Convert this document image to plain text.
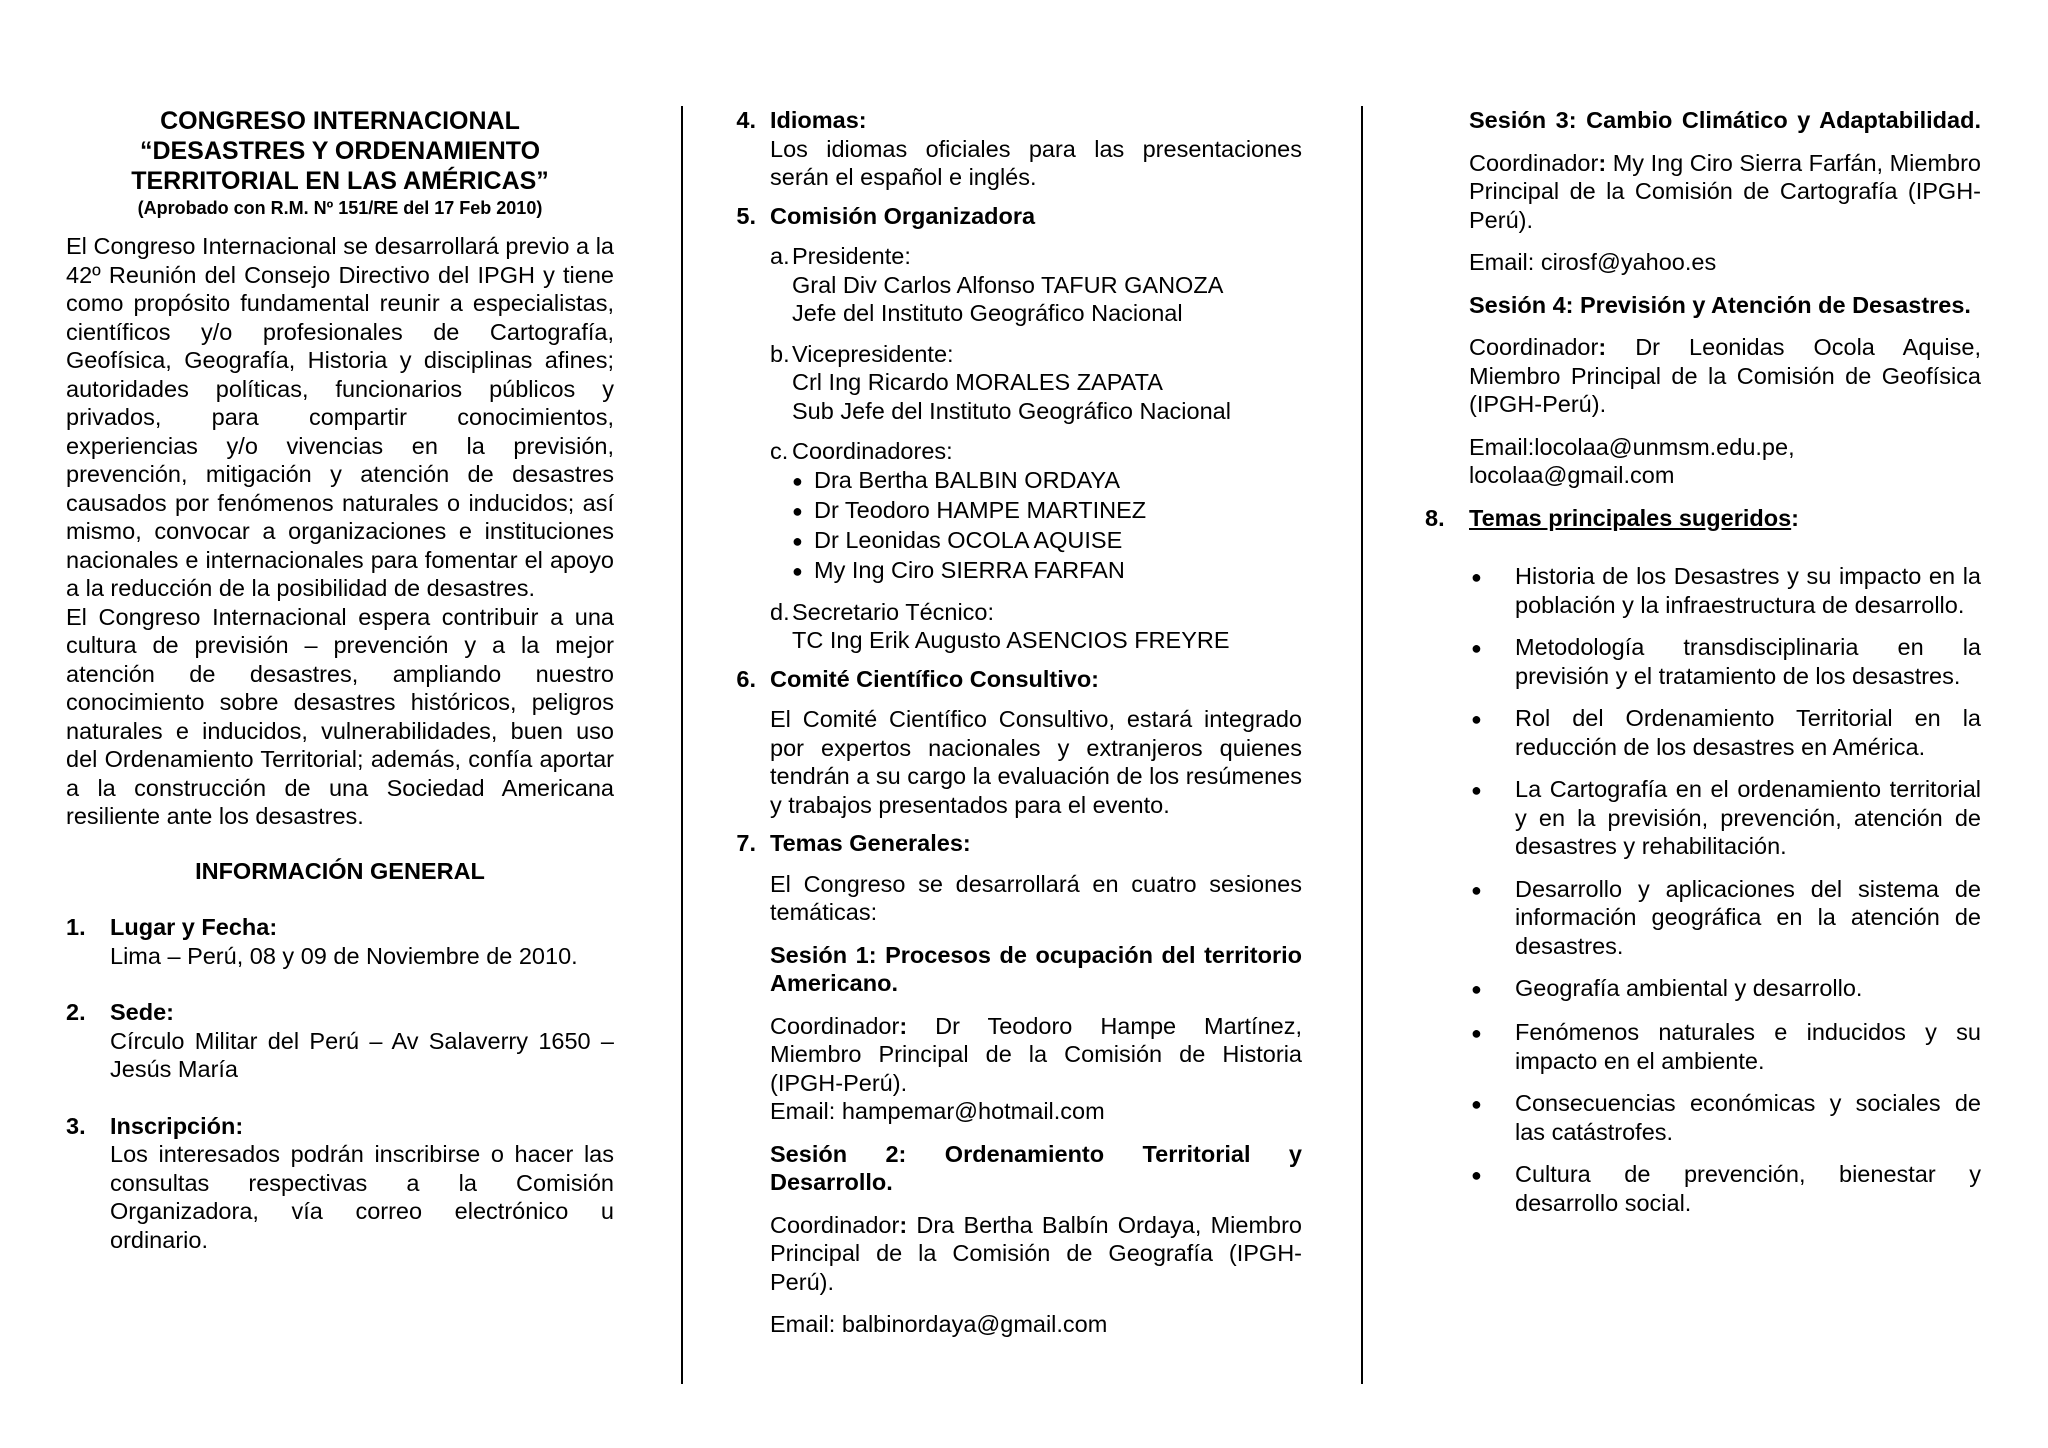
CONGRESO INTERNACIONAL
“DESASTRES Y ORDENAMIENTO
TERRITORIAL EN LAS AMÉRICAS”
(Aprobado con R.M. Nº 151/RE del 17 Feb 2010)
El Congreso Internacional se desarrollará previo a la 42º Reunión del Consejo Directivo del IPGH y tiene como propósito fundamental reunir a especialistas, científicos y/o profesionales de Cartografía, Geofísica, Geografía, Historia y disciplinas afines; autoridades políticas, funcionarios públicos y privados, para compartir conocimientos, experiencias y/o vivencias en la previsión, prevención, mitigación y atención de desastres causados por fenómenos naturales o inducidos; así mismo, convocar a organizaciones e instituciones nacionales e internacionales para fomentar el apoyo a la reducción de la posibilidad de desastres.
El Congreso Internacional espera contribuir a una cultura de previsión – prevención y a la mejor atención de desastres, ampliando nuestro conocimiento sobre desastres históricos, peligros naturales e inducidos, vulnerabilidades, buen uso del Ordenamiento Territorial; además, confía aportar a la construcción de una Sociedad Americana resiliente ante los desastres.
INFORMACIÓN GENERAL
1.	Lugar y Fecha:
Lima – Perú, 08 y 09 de Noviembre de 2010.
2.	Sede:
Círculo Militar del Perú – Av Salaverry 1650 – Jesús María
3.	Inscripción:
Los interesados podrán inscribirse o hacer las consultas respectivas a la Comisión Organizadora, vía correo electrónico u ordinario.
4. Idiomas:
Los idiomas oficiales para las presentaciones serán el español e inglés.
5. Comisión Organizadora
a. Presidente:
Gral Div Carlos Alfonso TAFUR GANOZA
Jefe del Instituto Geográfico Nacional
b. Vicepresidente:
Crl Ing Ricardo MORALES ZAPATA
Sub Jefe del Instituto Geográfico Nacional
c. Coordinadores:
● Dra Bertha BALBIN ORDAYA
● Dr Teodoro HAMPE MARTINEZ
● Dr Leonidas OCOLA AQUISE
● My Ing Ciro SIERRA FARFAN
d. Secretario Técnico:
TC Ing Erik Augusto ASENCIOS FREYRE
6. Comité Científico Consultivo:
El Comité Científico Consultivo, estará integrado por expertos nacionales y extranjeros quienes tendrán a su cargo la evaluación de los resúmenes y trabajos presentados para el evento.
7. Temas Generales:
El Congreso se desarrollará en cuatro sesiones temáticas:
Sesión 1: Procesos de ocupación del territorio Americano.
Coordinador: Dr Teodoro Hampe Martínez, Miembro Principal de la Comisión de Historia (IPGH-Perú).
Email: hampemar@hotmail.com
Sesión 2: Ordenamiento Territorial y Desarrollo.
Coordinador: Dra Bertha Balbín Ordaya, Miembro Principal de la Comisión de Geografía (IPGH-Perú).
Email: balbinordaya@gmail.com
Sesión 3: Cambio Climático y Adaptabilidad.
Coordinador: My Ing Ciro Sierra Farfán, Miembro Principal de la Comisión de Cartografía (IPGH-Perú).
Email: cirosf@yahoo.es
Sesión 4: Previsión y Atención de Desastres.
Coordinador: Dr Leonidas Ocola Aquise, Miembro Principal de la Comisión de Geofísica (IPGH-Perú).
Email:locolaa@unmsm.edu.pe,
locolaa@gmail.com
8.	Temas principales sugeridos:
●	Historia de los Desastres y su impacto en la población y la infraestructura de desarrollo.
●	Metodología transdisciplinaria en la previsión y el tratamiento de los desastres.
●	Rol del Ordenamiento Territorial en la reducción de los desastres en América.
●	La Cartografía en el ordenamiento territorial y en la previsión, prevención, atención de desastres y rehabilitación.
●	Desarrollo y aplicaciones del sistema de información geográfica en la atención de desastres.
●	Geografía ambiental y desarrollo.
●	Fenómenos naturales e inducidos y su impacto en el ambiente.
●	Consecuencias económicas y sociales de las catástrofes.
●	Cultura de prevención, bienestar y desarrollo social.
